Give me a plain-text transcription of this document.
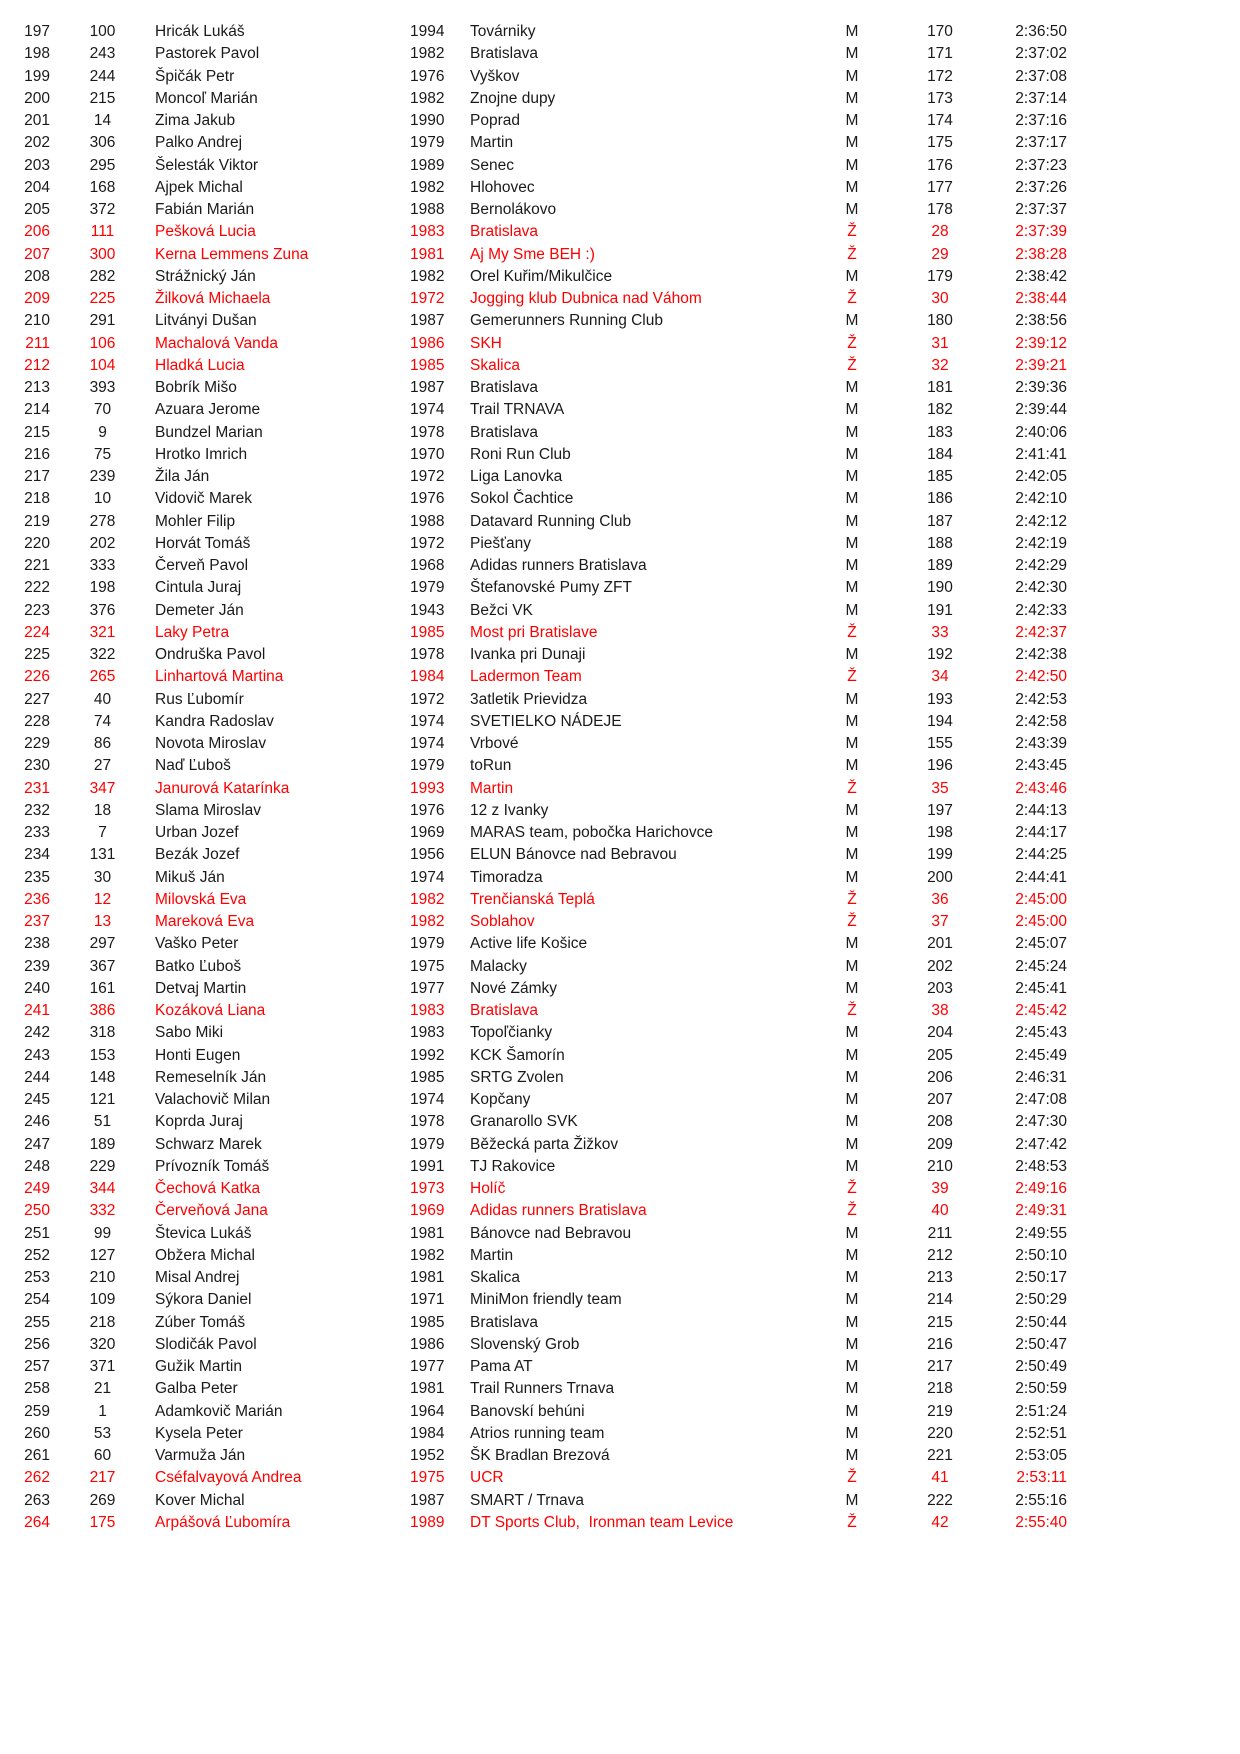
197	100	Hricák Lukáš	1994	Továrniky	M	170	2:36:50
198	243	Pastorek Pavol	1982	Bratislava	M	171	2:37:02
199	244	Špičák Petr	1976	Vyškov	M	172	2:37:08
200	215	Moncoľ Marián	1982	Znojne dupy	M	173	2:37:14
201	14	Zima Jakub	1990	Poprad	M	174	2:37:16
202	306	Palko Andrej	1979	Martin	M	175	2:37:17
203	295	Šelesták Viktor	1989	Senec	M	176	2:37:23
204	168	Ajpek Michal	1982	Hlohovec	M	177	2:37:26
205	372	Fabián Marián	1988	Bernolákovo	M	178	2:37:37
206	111	Pešková Lucia	1983	Bratislava	Ž	28	2:37:39
207	300	Kerna Lemmens Zuna	1981	Aj My Sme BEH :)	Ž	29	2:38:28
208	282	Strážnický Ján	1982	Orel Kuřim/Mikulčice	M	179	2:38:42
209	225	Žilková Michaela	1972	Jogging klub Dubnica nad Váhom	Ž	30	2:38:44
210	291	Litványi Dušan	1987	Gemerunners Running Club	M	180	2:38:56
211	106	Machalová Vanda	1986	SKH	Ž	31	2:39:12
212	104	Hladká Lucia	1985	Skalica	Ž	32	2:39:21
213	393	Bobrík Mišo	1987	Bratislava	M	181	2:39:36
214	70	Azuara Jerome	1974	Trail TRNAVA	M	182	2:39:44
215	9	Bundzel Marian	1978	Bratislava	M	183	2:40:06
216	75	Hrotko Imrich	1970	Roni Run Club	M	184	2:41:41
217	239	Žila Ján	1972	Liga Lanovka	M	185	2:42:05
218	10	Vidovič Marek	1976	Sokol Čachtice	M	186	2:42:10
219	278	Mohler Filip	1988	Datavard Running Club	M	187	2:42:12
220	202	Horvát Tomáš	1972	Piešťany	M	188	2:42:19
221	333	Červeň Pavol	1968	Adidas runners Bratislava	M	189	2:42:29
222	198	Cintula Juraj	1979	Štefanovské Pumy ZFT	M	190	2:42:30
223	376	Demeter Ján	1943	Bežci VK	M	191	2:42:33
224	321	Laky Petra	1985	Most pri Bratislave	Ž	33	2:42:37
225	322	Ondruška Pavol	1978	Ivanka pri Dunaji	M	192	2:42:38
226	265	Linhartová Martina	1984	Ladermon Team	Ž	34	2:42:50
227	40	Rus Ľubomír	1972	3atletik Prievidza	M	193	2:42:53
228	74	Kandra Radoslav	1974	SVETIELKO NÁDEJE	M	194	2:42:58
229	86	Novota Miroslav	1974	Vrbové	M	155	2:43:39
230	27	Naď Ľuboš	1979	toRun	M	196	2:43:45
231	347	Janurová Katarínka	1993	Martin	Ž	35	2:43:46
232	18	Slama Miroslav	1976	12 z Ivanky	M	197	2:44:13
233	7	Urban Jozef	1969	MARAS team, pobočka Harichovce	M	198	2:44:17
234	131	Bezák Jozef	1956	ELUN Bánovce nad Bebravou	M	199	2:44:25
235	30	Mikuš Ján	1974	Timoradza	M	200	2:44:41
236	12	Milovská Eva	1982	Trenčianská Teplá	Ž	36	2:45:00
237	13	Mareková Eva	1982	Soblahov	Ž	37	2:45:00
238	297	Vaško Peter	1979	Active life Košice	M	201	2:45:07
239	367	Batko Ľuboš	1975	Malacky	M	202	2:45:24
240	161	Detvaj Martin	1977	Nové Zámky	M	203	2:45:41
241	386	Kozáková Liana	1983	Bratislava	Ž	38	2:45:42
242	318	Sabo Miki	1983	Topoľčianky	M	204	2:45:43
243	153	Honti Eugen	1992	KCK Šamorín	M	205	2:45:49
244	148	Remeselník Ján	1985	SRTG Zvolen	M	206	2:46:31
245	121	Valachovič Milan	1974	Kopčany	M	207	2:47:08
246	51	Koprda Juraj	1978	Granarollo SVK	M	208	2:47:30
247	189	Schwarz Marek	1979	Běžecká parta Žižkov	M	209	2:47:42
248	229	Prívozník Tomáš	1991	TJ Rakovice	M	210	2:48:53
249	344	Čechová Katka	1973	Holíč	Ž	39	2:49:16
250	332	Červeňová Jana	1969	Adidas runners Bratislava	Ž	40	2:49:31
251	99	Števica Lukáš	1981	Bánovce nad Bebravou	M	211	2:49:55
252	127	Obžera Michal	1982	Martin	M	212	2:50:10
253	210	Misal Andrej	1981	Skalica	M	213	2:50:17
254	109	Sýkora Daniel	1971	MiniMon friendly team	M	214	2:50:29
255	218	Zúber Tomáš	1985	Bratislava	M	215	2:50:44
256	320	Slodičák Pavol	1986	Slovenský Grob	M	216	2:50:47
257	371	Gužik Martin	1977	Pama AT	M	217	2:50:49
258	21	Galba Peter	1981	Trail Runners Trnava	M	218	2:50:59
259	1	Adamkovič Marián	1964	Banovskí behúni	M	219	2:51:24
260	53	Kysela Peter	1984	Atrios running team	M	220	2:52:51
261	60	Varmuža Ján	1952	ŠK Bradlan Brezová	M	221	2:53:05
262	217	Cséfalvayová Andrea	1975	UCR	Ž	41	2:53:11
263	269	Kover Michal	1987	SMART / Trnava	M	222	2:55:16
264	175	Arpášová Ľubomíra	1989	DT Sports Club,  Ironman team Levice	Ž	42	2:55:40
